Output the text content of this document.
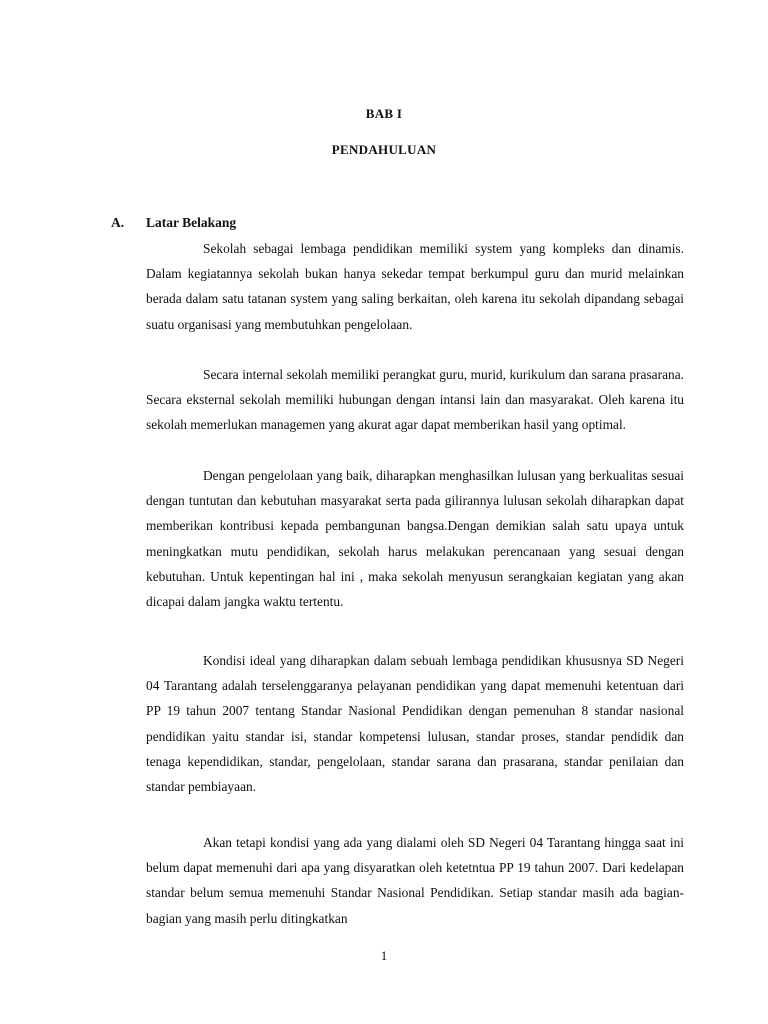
BAB I
PENDAHULUAN
A. Latar Belakang

Sekolah sebagai lembaga pendidikan memiliki system yang kompleks dan dinamis. Dalam kegiatannya sekolah bukan hanya sekedar tempat berkumpul guru dan murid melainkan berada dalam satu tatanan system yang saling berkaitan, oleh karena itu sekolah dipandang sebagai suatu organisasi yang membutuhkan pengelolaan.

Secara internal sekolah memiliki perangkat guru, murid, kurikulum dan sarana prasarana. Secara eksternal sekolah memiliki hubungan dengan intansi lain dan masyarakat. Oleh karena itu sekolah memerlukan managemen yang akurat agar dapat memberikan hasil yang optimal.

Dengan pengelolaan yang baik, diharapkan menghasilkan lulusan yang berkualitas sesuai dengan tuntutan dan kebutuhan masyarakat serta pada gilirannya lulusan sekolah diharapkan dapat memberikan kontribusi kepada pembangunan bangsa.Dengan demikian salah satu upaya untuk meningkatkan mutu pendidikan, sekolah harus melakukan perencanaan yang sesuai dengan kebutuhan. Untuk kepentingan hal ini , maka sekolah menyusun serangkaian kegiatan yang akan dicapai dalam jangka waktu tertentu.

Kondisi ideal yang diharapkan dalam sebuah lembaga pendidikan khususnya SD Negeri 04 Tarantang adalah terselenggaranya pelayanan pendidikan yang dapat memenuhi ketentuan dari PP 19 tahun 2007 tentang Standar Nasional Pendidikan dengan pemenuhan 8 standar nasional pendidikan yaitu standar isi, standar kompetensi lulusan, standar proses, standar pendidik dan tenaga kependidikan, standar, pengelolaan, standar sarana dan prasarana, standar penilaian dan standar pembiayaan.

Akan tetapi kondisi yang ada yang dialami oleh SD Negeri 04 Tarantang hingga saat ini belum dapat memenuhi dari apa yang disyaratkan oleh ketetntua PP 19 tahun 2007. Dari kedelapan standar belum semua memenuhi Standar Nasional Pendidikan. Setiap standar masih ada bagian-bagian yang masih perlu ditingkatkan

1
